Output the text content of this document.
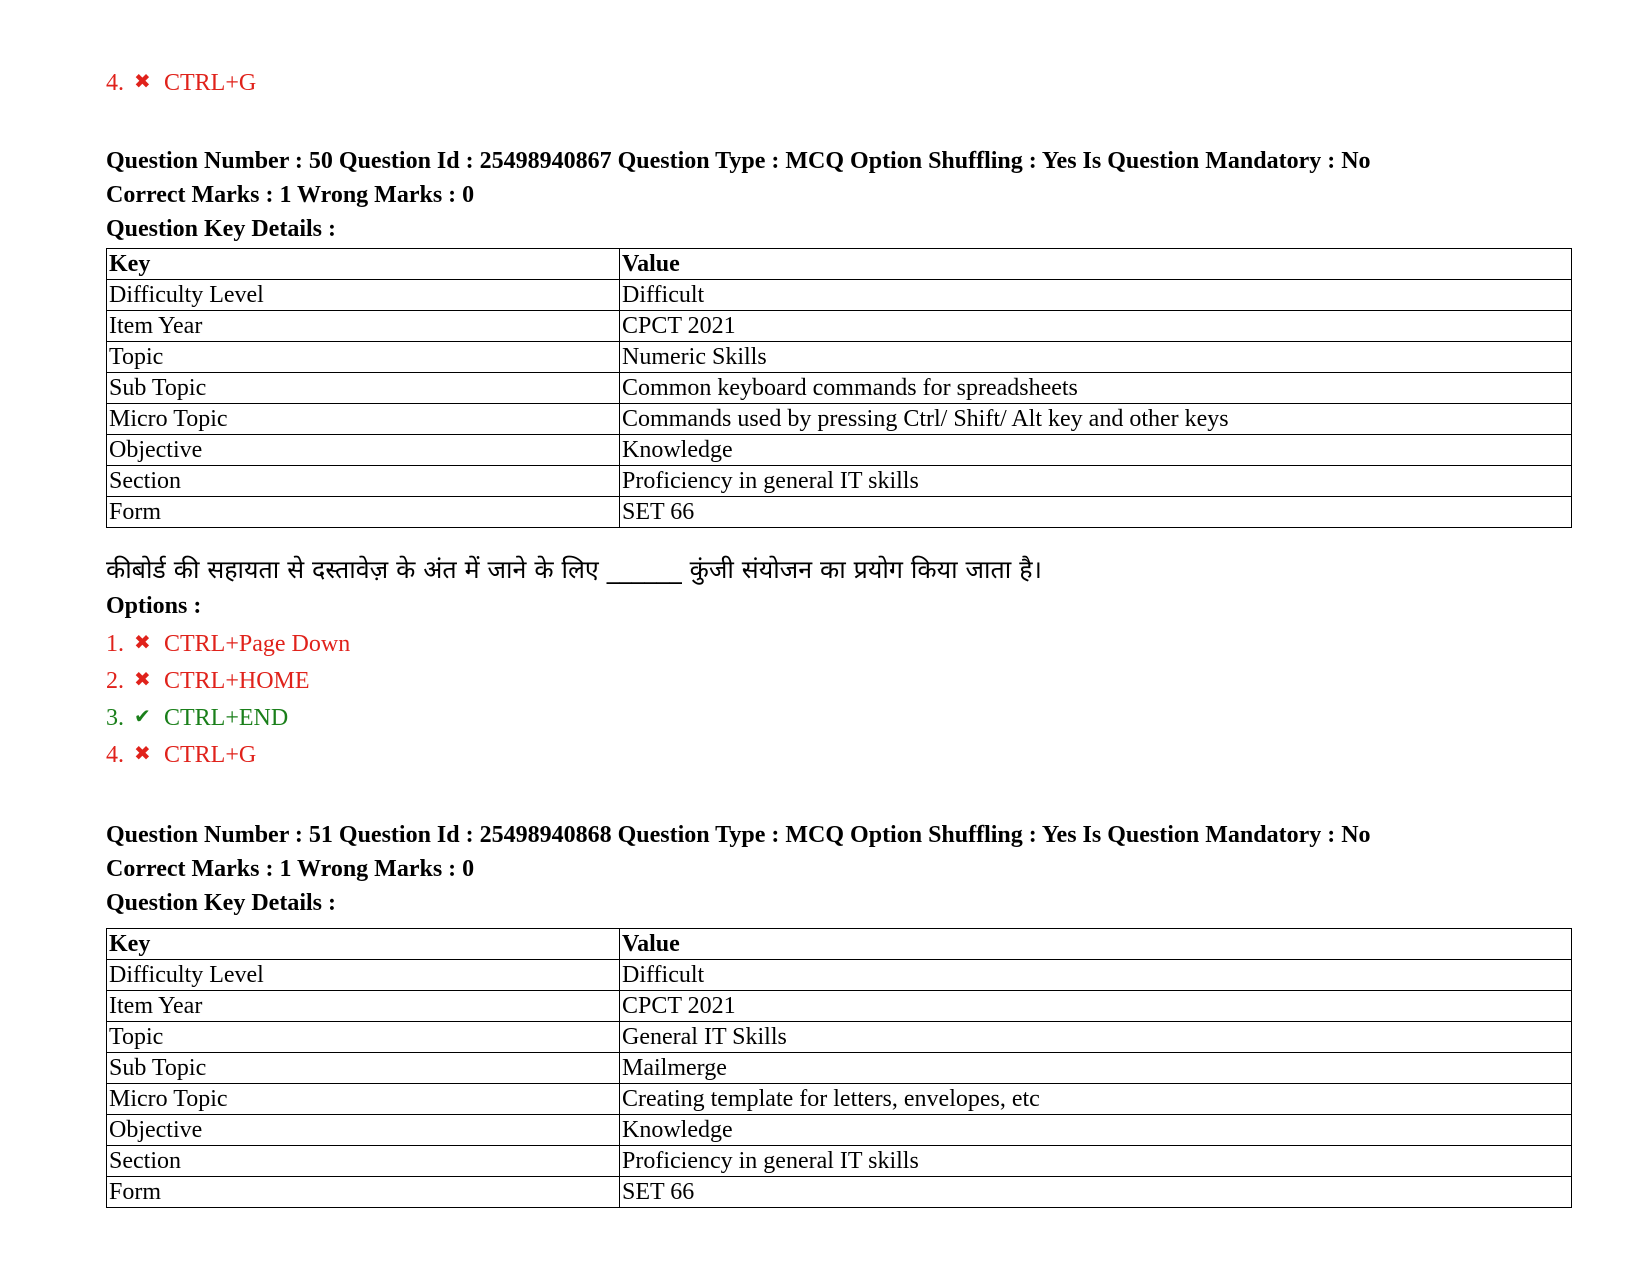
4. ✖ CTRL+G
Question Number : 50 Question Id : 25498940867 Question Type : MCQ Option Shuffling : Yes Is Question Mandatory : No
Correct Marks : 1 Wrong Marks : 0
Question Key Details :
Key	Value
Difficulty Level	Difficult
Item Year	CPCT 2021
Topic	Numeric Skills
Sub Topic	Common keyboard commands for spreadsheets
Micro Topic	Commands used by pressing Ctrl/ Shift/ Alt key and other keys
Objective	Knowledge
Section	Proficiency in general IT skills
Form	SET 66
कीबोर्ड की सहायता से दस्तावेज़ के अंत में जाने के लिए ______ कुंजी संयोजन का प्रयोग किया जाता है।
Options :
1. ✖ CTRL+Page Down
2. ✖ CTRL+HOME
3. ✔ CTRL+END
4. ✖ CTRL+G
Question Number : 51 Question Id : 25498940868 Question Type : MCQ Option Shuffling : Yes Is Question Mandatory : No
Correct Marks : 1 Wrong Marks : 0
Question Key Details :
Key	Value
Difficulty Level	Difficult
Item Year	CPCT 2021
Topic	General IT Skills
Sub Topic	Mailmerge
Micro Topic	Creating template for letters, envelopes, etc
Objective	Knowledge
Section	Proficiency in general IT skills
Form	SET 66
